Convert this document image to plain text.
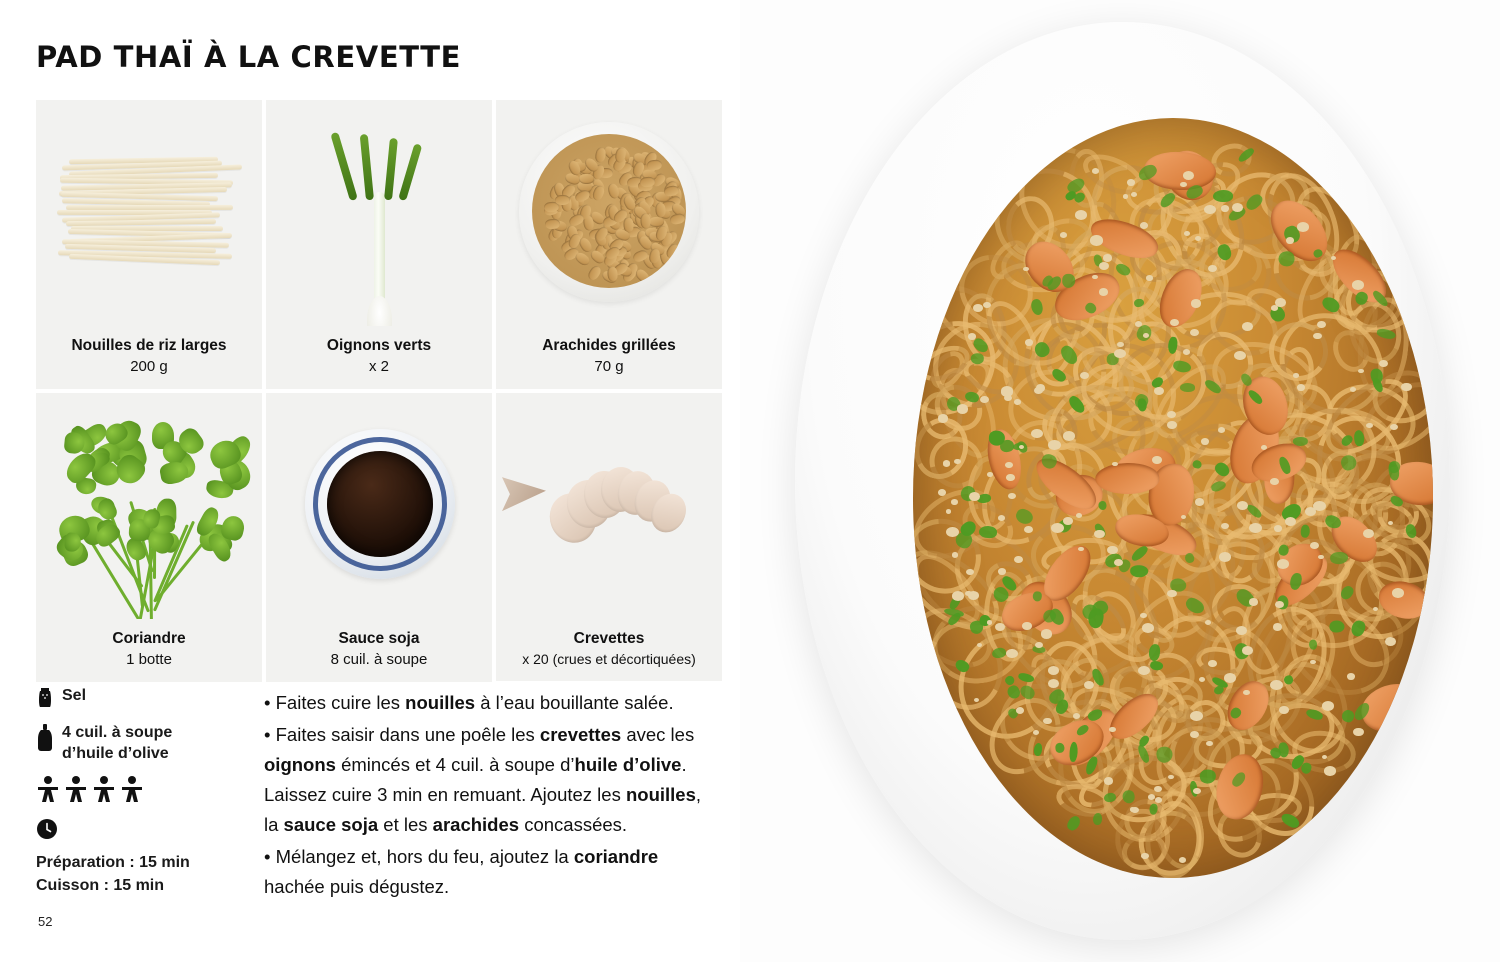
PAD THAÏ À LA CREVETTE
Nouilles de riz larges
200 g
Oignons verts
x 2
Arachides grillées
70 g
Coriandre
1 botte
Sauce soja
8 cuil. à soupe
Crevettes
x 20 (crues et décortiquées)
Sel
4 cuil. à soupe
d’huile d’olive
Préparation : 15 min
Cuisson : 15 min
52

• Faites cuire les nouilles à l’eau bouillante salée.

• Faites saisir dans une poêle les crevettes avec les oignons émincés et 4 cuil. à soupe d’huile d’olive. Laissez cuire 3 min en remuant. Ajoutez les nouilles, la sauce soja et les arachides concassées.

• Mélangez et, hors du feu, ajoutez la coriandre hachée puis dégustez.
